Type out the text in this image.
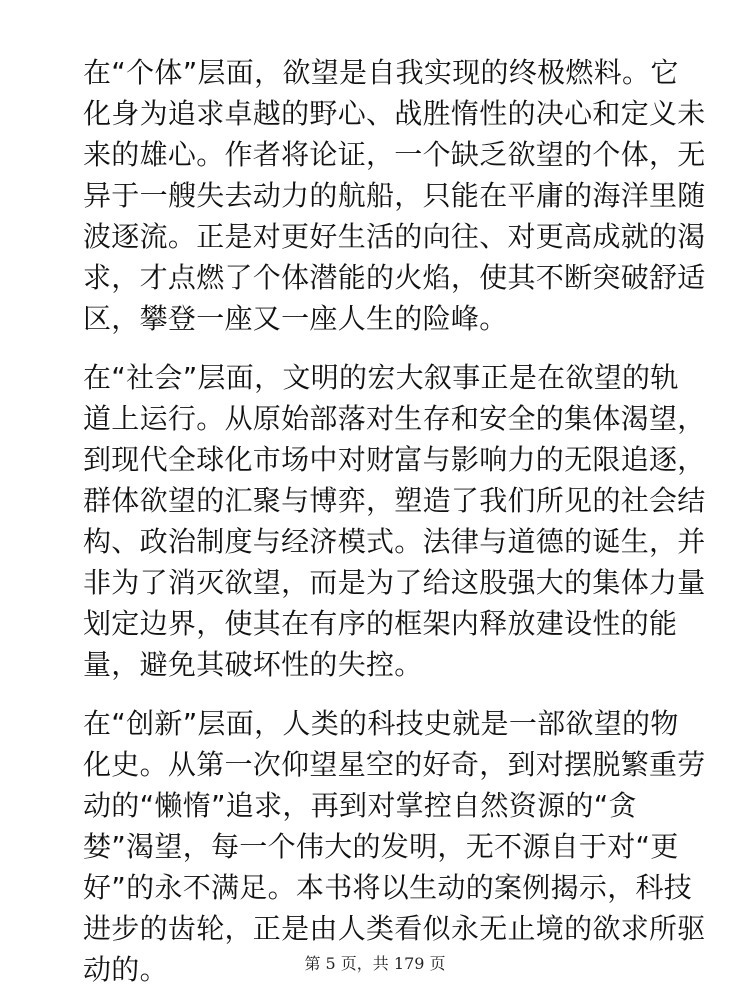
在“个体”层面，欲望是自我实现的终极燃料。它
化身为追求卓越的野心、战胜惰性的决心和定义未
来的雄心。作者将论证，一个缺乏欲望的个体，无
异于一艘失去动力的航船，只能在平庸的海洋里随
波逐流。正是对更好生活的向往、对更高成就的渴
求，才点燃了个体潜能的火焰，使其不断突破舒适
区，攀登一座又一座人生的险峰。
在“社会”层面，文明的宏大叙事正是在欲望的轨
道上运行。从原始部落对生存和安全的集体渴望，
到现代全球化市场中对财富与影响力的无限追逐，
群体欲望的汇聚与博弈，塑造了我们所见的社会结
构、政治制度与经济模式。法律与道德的诞生，并
非为了消灭欲望，而是为了给这股强大的集体力量
划定边界，使其在有序的框架内释放建设性的能
量，避免其破坏性的失控。
在“创新”层面，人类的科技史就是一部欲望的物
化史。从第一次仰望星空的好奇，到对摆脱繁重劳
动的“懒惰”追求，再到对掌控自然资源的“贪
婪”渴望，每一个伟大的发明，无不源自于对“更
好”的永不满足。本书将以生动的案例揭示，科技
进步的齿轮，正是由人类看似永无止境的欲求所驱
动的。	第 5 页，共 179 页
